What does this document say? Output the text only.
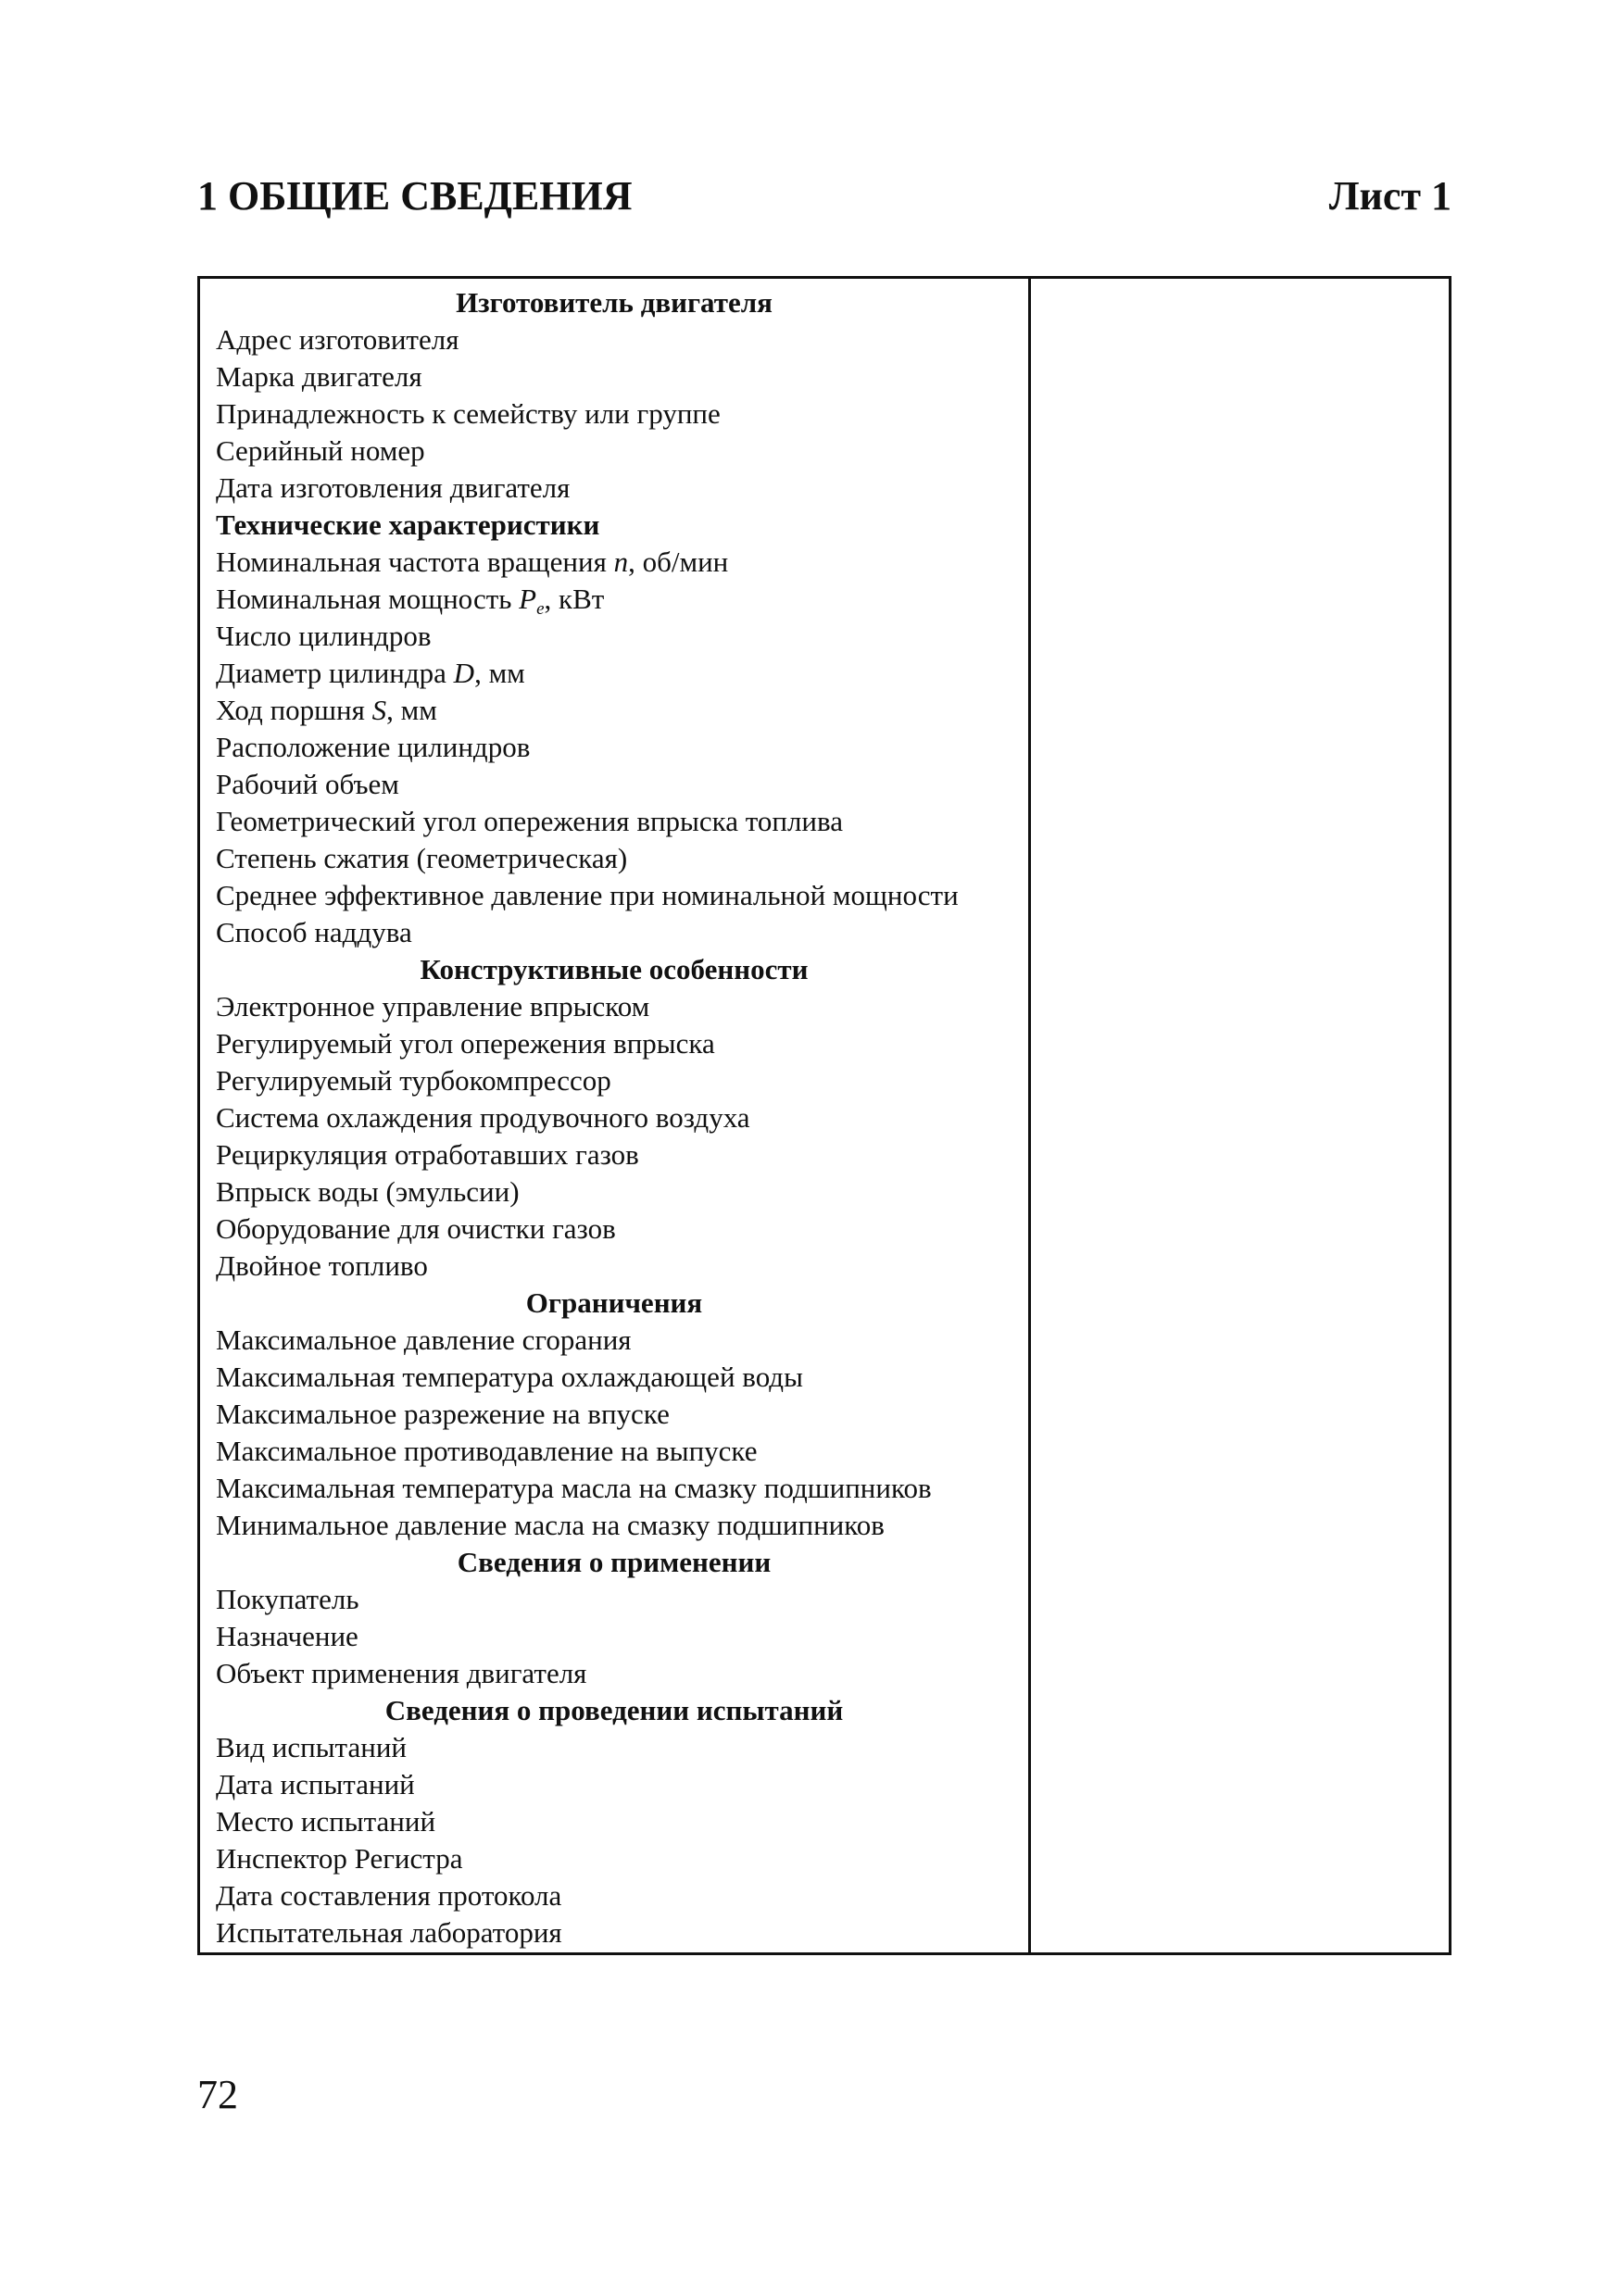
1 ОБЩИЕ СВЕДЕНИЯ	Лист 1
Изготовитель двигателя
Адрес изготовителя
Марка двигателя
Принадлежность к семейству или группе
Серийный номер
Дата изготовления двигателя
Технические характеристики
Номинальная частота вращения n, об/мин
Номинальная мощность $P_e$, кВт
Число цилиндров
Диаметр цилиндра D, мм
Ход поршня S, мм
Расположение цилиндров
Рабочий объем
Геометрический угол опережения впрыска топлива
Степень сжатия (геометрическая)
Среднее эффективное давление при номинальной мощности
Способ наддува
Конструктивные особенности
Электронное управление впрыском
Регулируемый угол опережения впрыска
Регулируемый турбокомпрессор
Система охлаждения продувочного воздуха
Рециркуляция отработавших газов
Впрыск воды (эмульсии)
Оборудование для очистки газов
Двойное топливо
Ограничения
Максимальное давление сгорания
Максимальная температура охлаждающей воды
Максимальное разрежение на впуске
Максимальное противодавление на выпуске
Максимальная температура масла на смазку подшипников
Минимальное давление масла на смазку подшипников
Сведения о применении
Покупатель
Назначение
Объект применения двигателя
Сведения о проведении испытаний
Вид испытаний
Дата испытаний
Место испытаний
Инспектор Регистра
Дата составления протокола
Испытательная лаборатория
72
